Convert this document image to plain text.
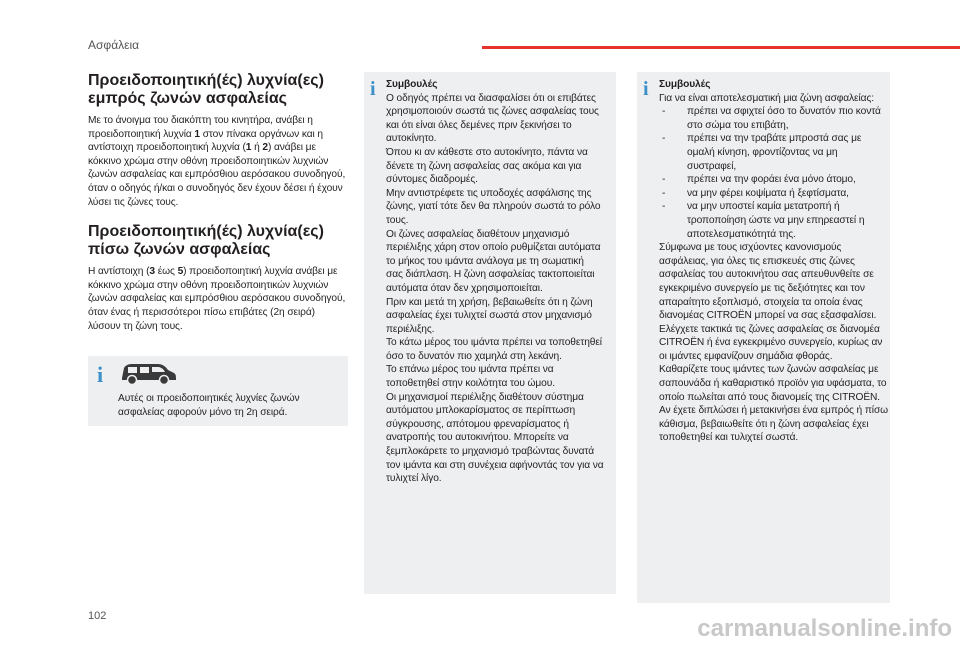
Ασφάλεια
Προειδοποιητική(ές) λυχνία(ες) εμπρός ζωνών ασφαλείας

Με το άνοιγμα του διακόπτη του κινητήρα, ανάβει η προειδοποιητική λυχνία 1 στον πίνακα οργάνων και η αντίστοιχη προειδοποιητική λυχνία (1 ή 2) ανάβει με κόκκινο χρώμα στην οθόνη προειδοποιητικών λυχνιών ζωνών ασφαλείας και εμπρόσθιου αερόσακου συνοδηγού, όταν ο οδηγός ή/και ο συνοδηγός δεν έχουν δέσει ή έχουν λύσει τις ζώνες τους.

Προειδοποιητική(ές) λυχνία(ες) πίσω ζωνών ασφαλείας

Η αντίστοιχη (3 έως 5) προειδοποιητική λυχνία ανάβει με κόκκινο χρώμα στην οθόνη προειδοποιητικών λυχνιών ζωνών ασφαλείας και εμπρόσθιου αερόσακου συνοδηγού, όταν ένας ή περισσότεροι πίσω επιβάτες (2η σειρά) λύσουν τη ζώνη τους.

i
Αυτές οι προειδοποιητικές λυχνίες ζωνών ασφαλείας αφορούν μόνο τη 2η σειρά.
i Συμβουλές
Ο οδηγός πρέπει να διασφαλίσει ότι οι επιβάτες
χρησιμοποιούν σωστά τις ζώνες ασφαλείας τους
και ότι είναι όλες δεμένες πριν ξεκινήσει το
αυτοκίνητο.
Όπου κι αν κάθεστε στο αυτοκίνητο, πάντα να
δένετε τη ζώνη ασφαλείας σας ακόμα και για
σύντομες διαδρομές.
Μην αντιστρέφετε τις υποδοχές ασφάλισης της
ζώνης, γιατί τότε δεν θα πληρούν σωστά το ρόλο
τους.
Οι ζώνες ασφαλείας διαθέτουν μηχανισμό
περιέλιξης χάρη στον οποίο ρυθμίζεται αυτόματα
το μήκος του ιμάντα ανάλογα με τη σωματική
σας διάπλαση. Η ζώνη ασφαλείας τακτοποιείται
αυτόματα όταν δεν χρησιμοποιείται.
Πριν και μετά τη χρήση, βεβαιωθείτε ότι η ζώνη
ασφαλείας έχει τυλιχτεί σωστά στον μηχανισμό
περιέλιξης.
Το κάτω μέρος του ιμάντα πρέπει να τοποθετηθεί
όσο το δυνατόν πιο χαμηλά στη λεκάνη.
Το επάνω μέρος του ιμάντα πρέπει να
τοποθετηθεί στην κοιλότητα του ώμου.
Οι μηχανισμοί περιέλιξης διαθέτουν σύστημα
αυτόματου μπλοκαρίσματος σε περίπτωση
σύγκρουσης, απότομου φρεναρίσματος ή
ανατροπής του αυτοκινήτου. Μπορείτε να
ξεμπλοκάρετε το μηχανισμό τραβώντας δυνατά
τον ιμάντα και στη συνέχεια αφήνοντάς τον για να
τυλιχτεί λίγο.
i Συμβουλές
Για να είναι αποτελεσματική μια ζώνη ασφαλείας:
- πρέπει να σφιχτεί όσο το δυνατόν πιο κοντά στο σώμα του επιβάτη,
- πρέπει να την τραβάτε μπροστά σας με ομαλή κίνηση, φροντίζοντας να μη συστραφεί,
- πρέπει να την φοράει ένα μόνο άτομο,
- να μην φέρει κοψίματα ή ξεφτίσματα,
- να μην υποστεί καμία μετατροπή ή τροποποίηση ώστε να μην επηρεαστεί η αποτελεσματικότητά της.
Σύμφωνα με τους ισχύοντες κανονισμούς ασφάλειας, για όλες τις επισκευές στις ζώνες ασφαλείας του αυτοκινήτου σας απευθυνθείτε σε εγκεκριμένο συνεργείο με τις δεξιότητες και τον απαραίτητο εξοπλισμό, στοιχεία τα οποία ένας διανομέας CITROËN μπορεί να σας εξασφαλίσει.
Ελέγχετε τακτικά τις ζώνες ασφαλείας σε διανομέα CITROËN ή ένα εγκεκριμένο συνεργείο, κυρίως αν οι ιμάντες εμφανίζουν σημάδια φθοράς.
Καθαρίζετε τους ιμάντες των ζωνών ασφαλείας με σαπουνάδα ή καθαριστικό προϊόν για υφάσματα, το οποίο πωλείται από τους διανομείς της CITROËN.
Αν έχετε διπλώσει ή μετακινήσει ένα εμπρός ή πίσω κάθισμα, βεβαιωθείτε ότι η ζώνη ασφαλείας έχει τοποθετηθεί και τυλιχτεί σωστά.
102	carmanualsonline.info
